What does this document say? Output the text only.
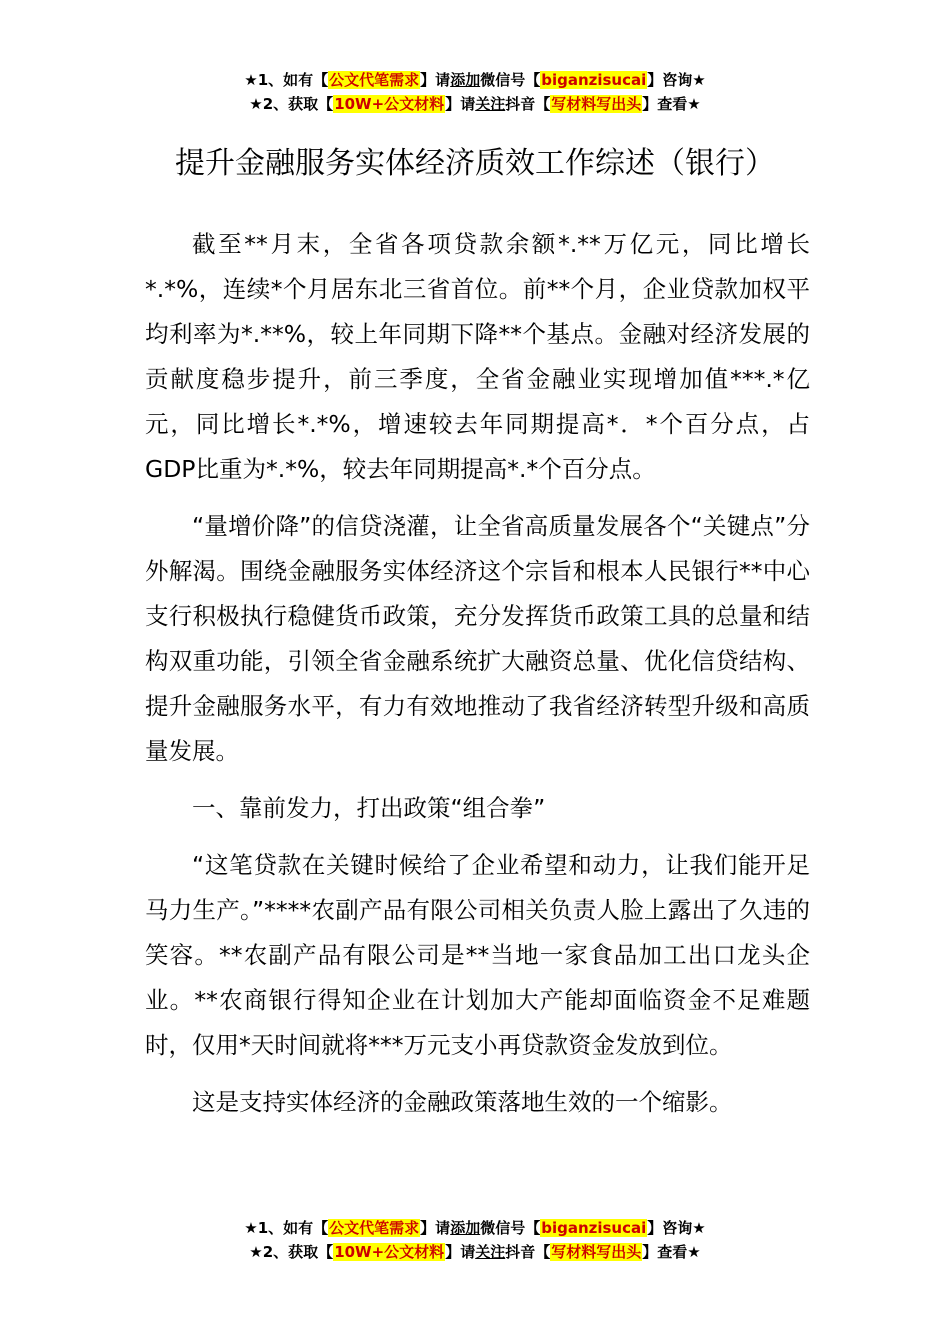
★1、如有【公文代笔需求】请添加微信号【biganzisucai】咨询★
★2、获取【10W+公文材料】请关注抖音【写材料写出头】查看★
提升金融服务实体经济质效工作综述（银行）

截至**月末，全省各项贷款余额*.**万亿元，同比增长*.*%，连续*个月居东北三省首位。前**个月，企业贷款加权平均利率为*.**%，较上年同期下降**个基点。金融对经济发展的贡献度稳步提升，前三季度，全省金融业实现增加值***.*亿元，同比增长*.*%，增速较去年同期提高*．*个百分点，占GDP比重为*.*%，较去年同期提高*.*个百分点。

“量增价降”的信贷浇灌，让全省高质量发展各个“关键点”分外解渴。围绕金融服务实体经济这个宗旨和根本人民银行**中心支行积极执行稳健货币政策，充分发挥货币政策工具的总量和结构双重功能，引领全省金融系统扩大融资总量、优化信贷结构、提升金融服务水平，有力有效地推动了我省经济转型升级和高质量发展。

一、靠前发力，打出政策“组合拳”

“这笔贷款在关键时候给了企业希望和动力，让我们能开足马力生产。”****农副产品有限公司相关负责人脸上露出了久违的笑容。**农副产品有限公司是**当地一家食品加工出口龙头企业。**农商银行得知企业在计划加大产能却面临资金不足难题时，仅用*天时间就将***万元支小再贷款资金发放到位。

这是支持实体经济的金融政策落地生效的一个缩影。

★1、如有【公文代笔需求】请添加微信号【biganzisucai】咨询★
★2、获取【10W+公文材料】请关注抖音【写材料写出头】查看★
